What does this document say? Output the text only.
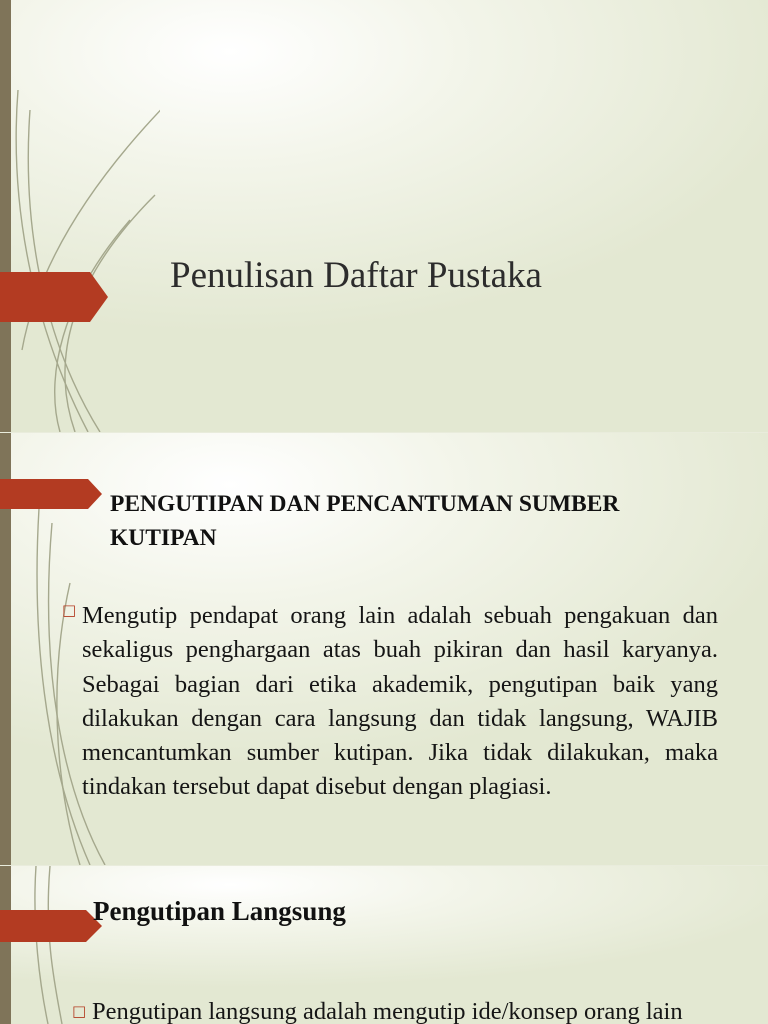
Penulisan Daftar Pustaka
PENGUTIPAN DAN PENCANTUMAN SUMBER KUTIPAN
□ Mengutip pendapat orang lain adalah sebuah pengakuan dan sekaligus penghargaan atas buah pikiran dan hasil karyanya. Sebagai bagian dari etika akademik, pengutipan baik yang dilakukan dengan cara langsung dan tidak langsung, WAJIB mencantumkan sumber kutipan. Jika tidak dilakukan, maka tindakan tersebut dapat disebut dengan plagiasi.

Pengutipan Langsung
□ Pengutipan langsung adalah mengutip ide/konsep orang lain
